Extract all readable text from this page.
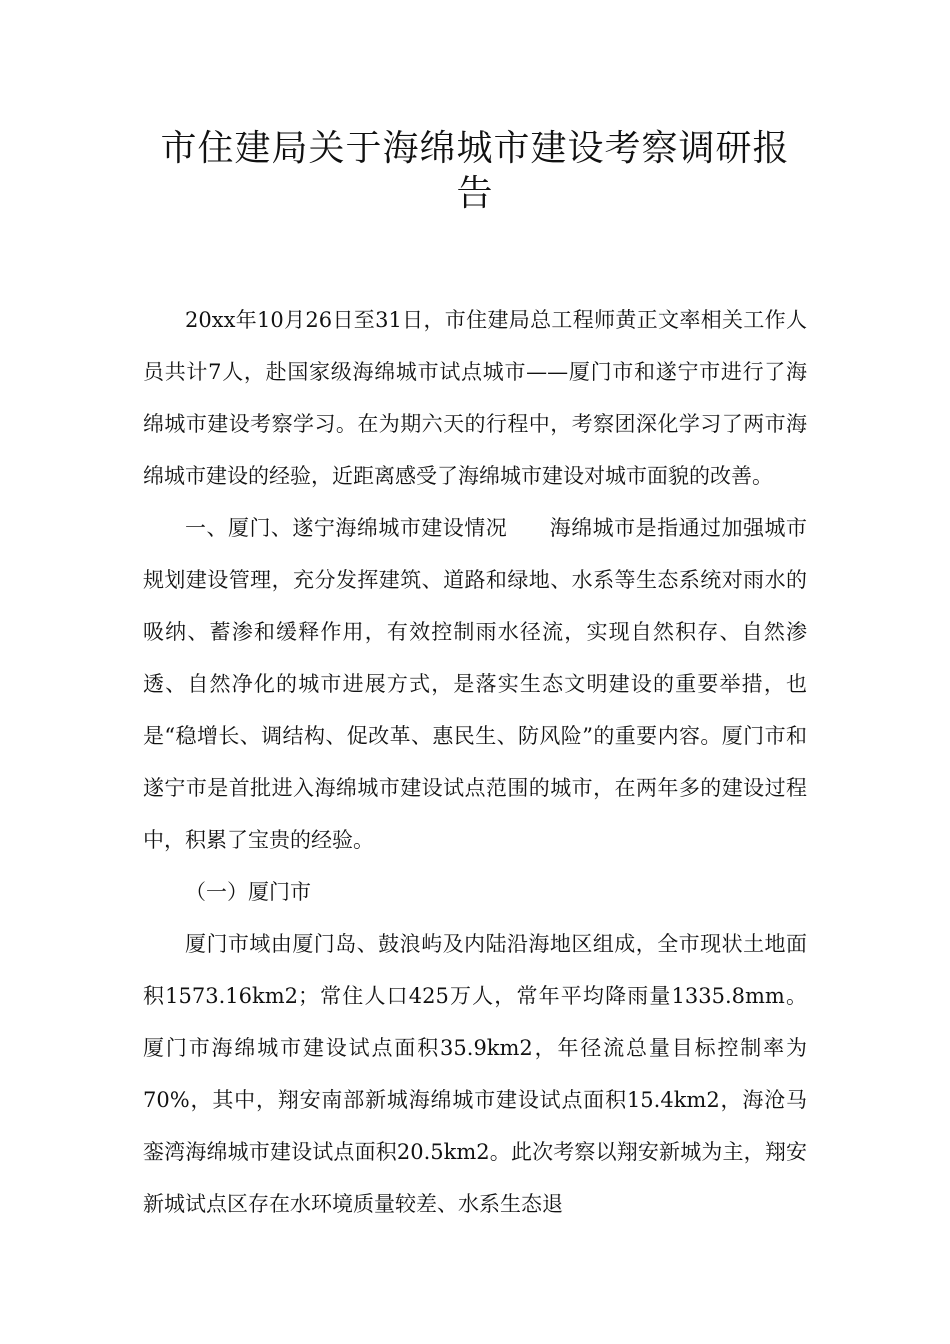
市住建局关于海绵城市建设考察调研报告

20xx年10月26日至31日，市住建局总工程师黄正文率相关工作人员共计7人，赴国家级海绵城市试点城市——厦门市和遂宁市进行了海绵城市建设考察学习。在为期六天的行程中，考察团深化学习了两市海绵城市建设的经验，近距离感受了海绵城市建设对城市面貌的改善。

一、厦门、遂宁海绵城市建设情况 海绵城市是指通过加强城市规划建设管理，充分发挥建筑、道路和绿地、水系等生态系统对雨水的吸纳、蓄渗和缓释作用，有效控制雨水径流，实现自然积存、自然渗透、自然净化的城市进展方式，是落实生态文明建设的重要举措，也是“稳增长、调结构、促改革、惠民生、防风险”的重要内容。厦门市和遂宁市是首批进入海绵城市建设试点范围的城市，在两年多的建设过程中，积累了宝贵的经验。

（一）厦门市

厦门市域由厦门岛、鼓浪屿及内陆沿海地区组成，全市现状土地面积1573.16km2；常住人口425万人，常年平均降雨量1335.8mm。厦门市海绵城市建设试点面积35.9km2，年径流总量目标控制率为70%，其中，翔安南部新城海绵城市建设试点面积15.4km2，海沧马銮湾海绵城市建设试点面积20.5km2。此次考察以翔安新城为主，翔安新城试点区存在水环境质量较差、水系生态退
